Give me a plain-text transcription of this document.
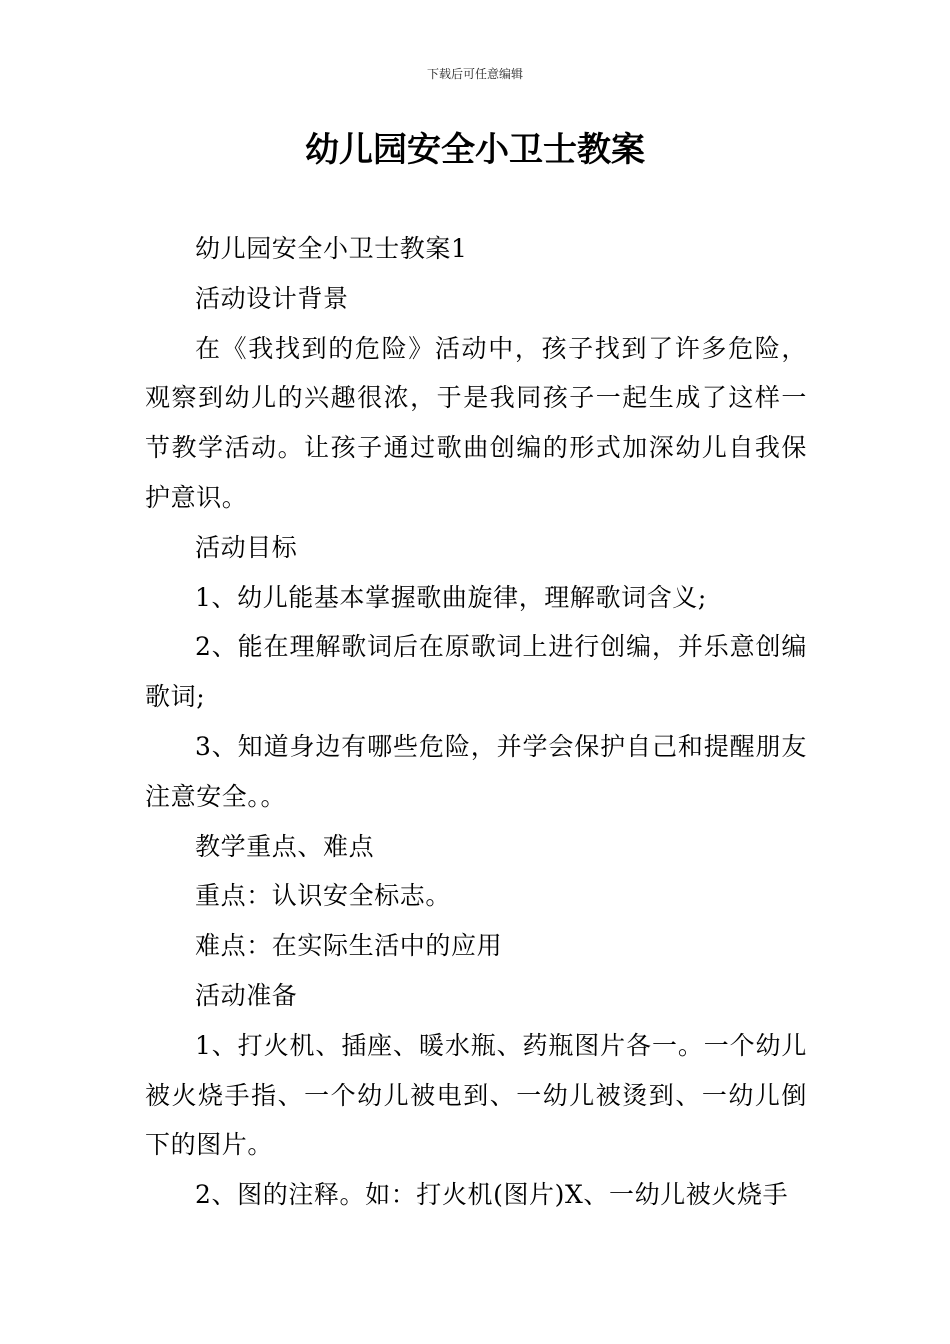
下载后可任意编辑
幼儿园安全小卫士教案

幼儿园安全小卫士教案1

活动设计背景

在《我找到的危险》活动中，孩子找到了许多危险，观察到幼儿的兴趣很浓，于是我同孩子一起生成了这样一节教学活动。让孩子通过歌曲创编的形式加深幼儿自我保护意识。

活动目标

1、幼儿能基本掌握歌曲旋律，理解歌词含义;

2、能在理解歌词后在原歌词上进行创编，并乐意创编歌词;

3、知道身边有哪些危险，并学会保护自己和提醒朋友注意安全。。

教学重点、难点

重点：认识安全标志。

难点：在实际生活中的应用

活动准备

1、打火机、插座、暖水瓶、药瓶图片各一。一个幼儿被火烧手指、一个幼儿被电到、一幼儿被烫到、一幼儿倒下的图片。

2、图的注释。如：打火机(图片)X、一幼儿被火烧手
